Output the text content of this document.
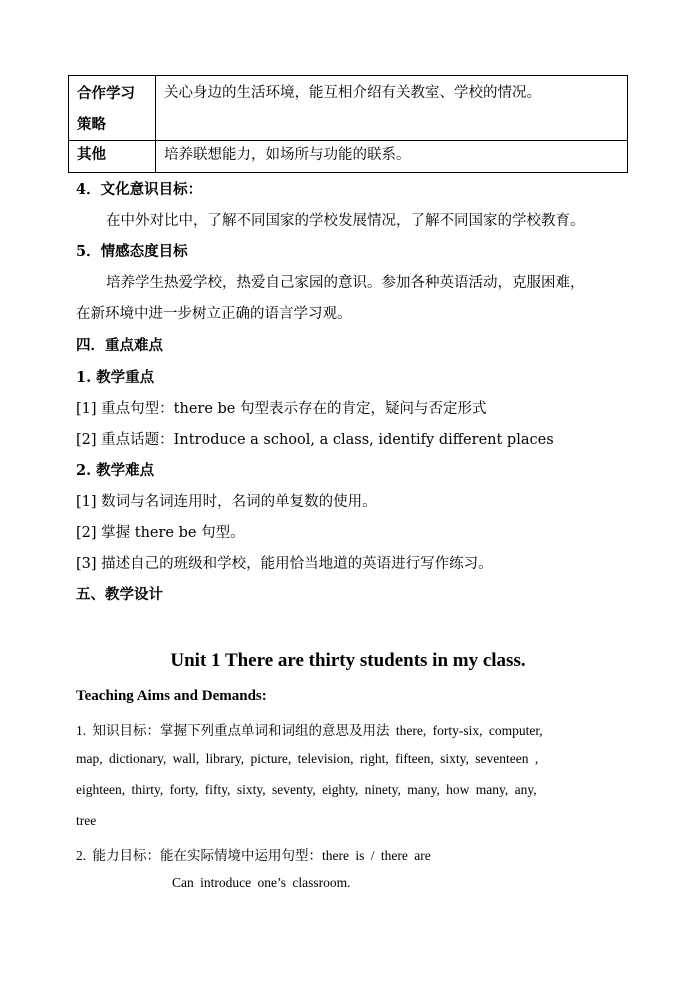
合作学习
策略	关心身边的生活环境，能互相介绍有关教室、学校的情况。
其他	培养联想能力，如场所与功能的联系。
4．文化意识目标：
在中外对比中，了解不同国家的学校发展情况，了解不同国家的学校教育。
5．情感态度目标
培养学生热爱学校，热爱自己家园的意识。参加各种英语活动，克服困难，
在新环境中进一步树立正确的语言学习观。
四．重点难点
1. 教学重点
[1] 重点句型：there be 句型表示存在的肯定，疑问与否定形式
[2] 重点话题：Introduce a school, a class, identify different places
2. 教学难点
[1] 数词与名词连用时，名词的单复数的使用。
[2] 掌握 there be 句型。
[3] 描述自己的班级和学校，能用恰当地道的英语进行写作练习。
五、教学设计
Unit 1 There are thirty students in my class.
Teaching Aims and Demands:
1. 知识目标：掌握下列重点单词和词组的意思及用法 there, forty-six, computer,
map, dictionary, wall, library, picture, television, right, fifteen, sixty, seventeen ,
eighteen, thirty, forty, fifty, sixty, seventy, eighty, ninety, many, how many, any,
tree
2. 能力目标：能在实际情境中运用句型：there is / there are
Can introduce one’s classroom.
